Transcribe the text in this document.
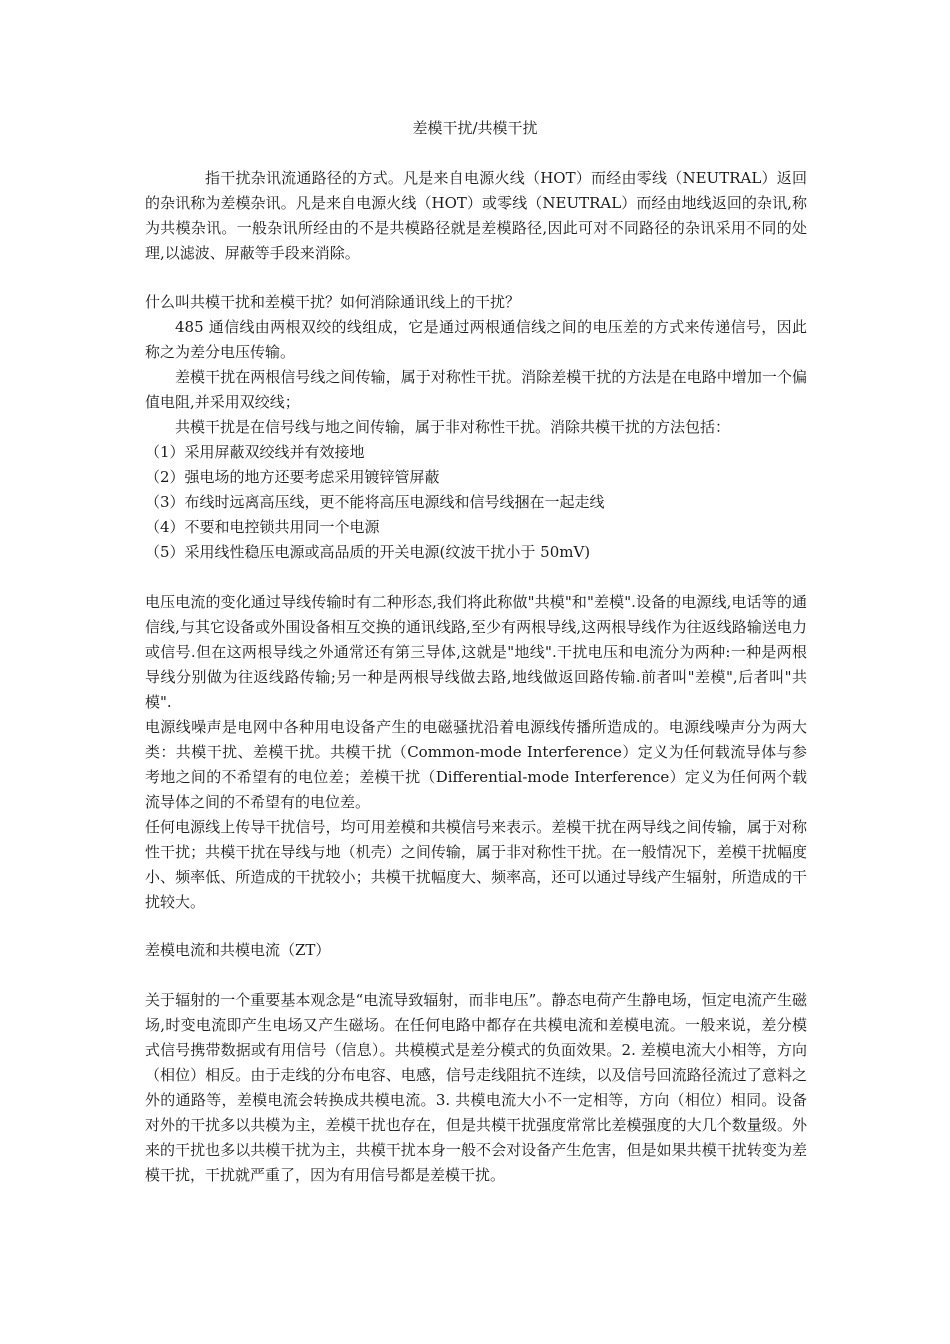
差模干扰/共模干扰

指干扰杂讯流通路径的方式。凡是来自电源火线（HOT）而经由零线（NEUTRAL）返回的杂讯称为差模杂讯。凡是来自电源火线（HOT）或零线（NEUTRAL）而经由地线返回的杂讯,称为共模杂讯。一般杂讯所经由的不是共模路径就是差模路径,因此可对不同路径的杂讯采用不同的处理,以滤波、屏蔽等手段来消除。

什么叫共模干扰和差模干扰？如何消除通讯线上的干扰？

485 通信线由两根双绞的线组成，它是通过两根通信线之间的电压差的方式来传递信号，因此称之为差分电压传输。

差模干扰在两根信号线之间传输，属于对称性干扰。消除差模干扰的方法是在电路中增加一个偏值电阻,并采用双绞线；

共模干扰是在信号线与地之间传输，属于非对称性干扰。消除共模干扰的方法包括：

（1）采用屏蔽双绞线并有效接地

（2）强电场的地方还要考虑采用镀锌管屏蔽

（3）布线时远离高压线，更不能将高压电源线和信号线捆在一起走线

（4）不要和电控锁共用同一个电源

（5）采用线性稳压电源或高品质的开关电源(纹波干扰小于 50mV)

电压电流的变化通过导线传输时有二种形态,我们将此称做"共模"和"差模".设备的电源线,电话等的通信线,与其它设备或外围设备相互交换的通讯线路,至少有两根导线,这两根导线作为往返线路输送电力或信号.但在这两根导线之外通常还有第三导体,这就是"地线".干扰电压和电流分为两种:一种是两根导线分别做为往返线路传输;另一种是两根导线做去路,地线做返回路传输.前者叫"差模",后者叫"共模".

电源线噪声是电网中各种用电设备产生的电磁骚扰沿着电源线传播所造成的。电源线噪声分为两大类：共模干扰、差模干扰。共模干扰（Common-mode Interference）定义为任何载流导体与参考地之间的不希望有的电位差；差模干扰（Differential-mode Interference）定义为任何两个载流导体之间的不希望有的电位差。

任何电源线上传导干扰信号，均可用差模和共模信号来表示。差模干扰在两导线之间传输，属于对称性干扰；共模干扰在导线与地（机壳）之间传输，属于非对称性干扰。在一般情况下，差模干扰幅度小、频率低、所造成的干扰较小；共模干扰幅度大、频率高，还可以通过导线产生辐射，所造成的干扰较大。

差模电流和共模电流（ZT）

关于辐射的一个重要基本观念是“电流导致辐射，而非电压”。静态电荷产生静电场，恒定电流产生磁场,时变电流即产生电场又产生磁场。在任何电路中都存在共模电流和差模电流。一般来说，差分模式信号携带数据或有用信号（信息）。共模模式是差分模式的负面效果。2. 差模电流大小相等，方向（相位）相反。由于走线的分布电容、电感，信号走线阻抗不连续，以及信号回流路径流过了意料之外的通路等，差模电流会转换成共模电流。3. 共模电流大小不一定相等，方向（相位）相同。设备对外的干扰多以共模为主，差模干扰也存在，但是共模干扰强度常常比差模强度的大几个数量级。外来的干扰也多以共模干扰为主，共模干扰本身一般不会对设备产生危害，但是如果共模干扰转变为差模干扰，干扰就严重了，因为有用信号都是差模干扰。
